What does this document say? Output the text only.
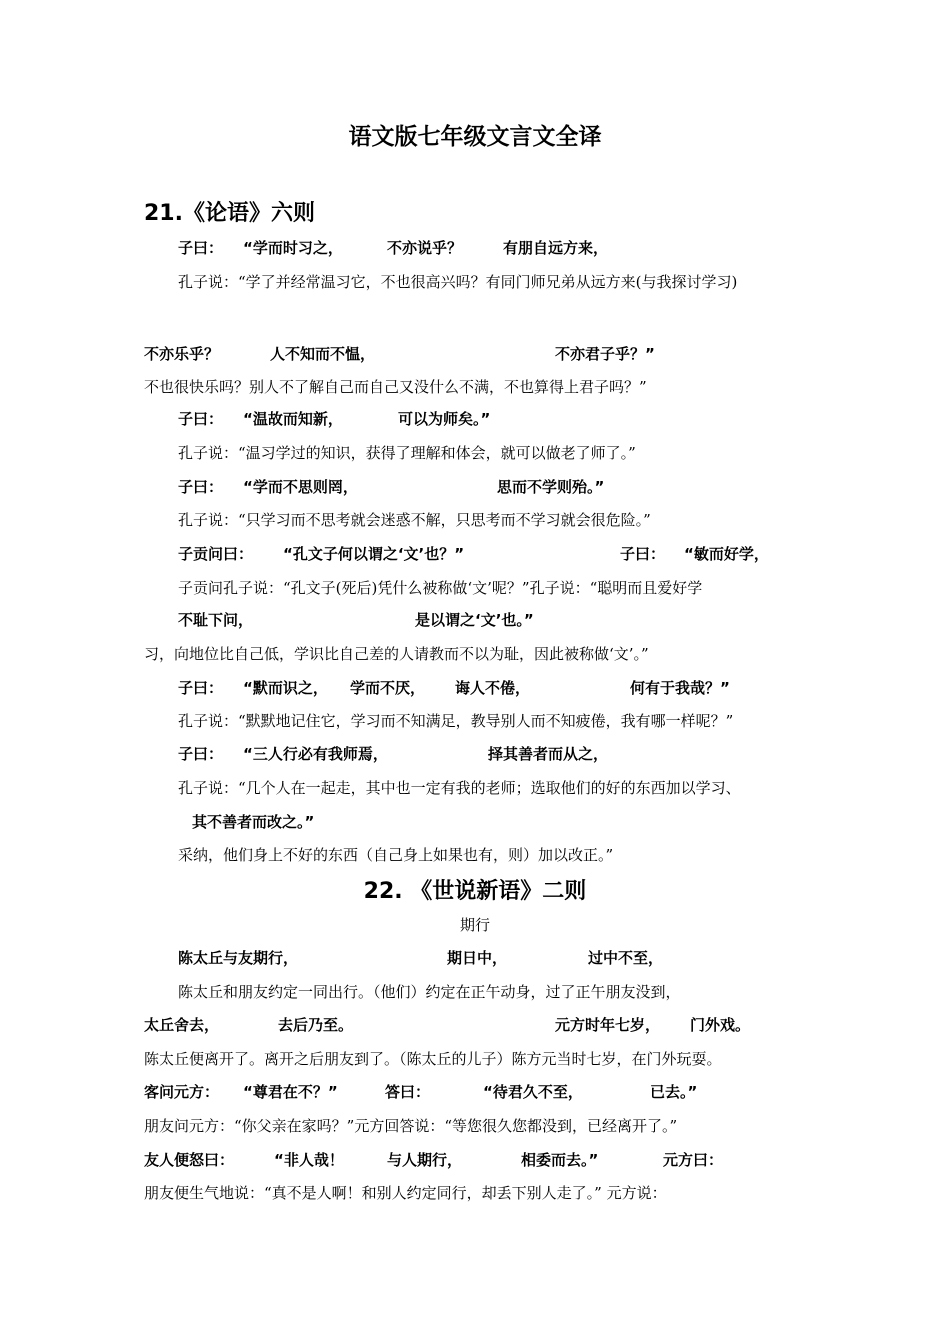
语文版七年级文言文全译
21.《论语》六则
子曰： “学而时习之，	不亦说乎？	有朋自远方来，
孔子说：“学了并经常温习它，不也很高兴吗？有同门师兄弟从远方来(与我探讨学习)
不亦乐乎？	人不知而不愠，	不亦君子乎？”
不也很快乐吗？别人不了解自己而自己又没什么不满，不也算得上君子吗？”
子曰： “温故而知新，	可以为师矣。”
孔子说：“温习学过的知识，获得了理解和体会，就可以做老了师了。”
子曰： “学而不思则罔，	思而不学则殆。”
孔子说：“只学习而不思考就会迷惑不解，只思考而不学习就会很危险。”
子贡问曰： “孔文子何以谓之‘文’也？”	子曰： “敏而好学，
子贡问孔子说：“孔文子(死后)凭什么被称做‘文’呢？”孔子说：“聪明而且爱好学
不耻下问，	是以谓之‘文’也。”
习，向地位比自己低，学识比自己差的人请教而不以为耻，因此被称做‘文’。”
子曰： “默而识之， 学而不厌， 诲人不倦，	何有于我哉？”
孔子说：“默默地记住它，学习而不知满足，教导别人而不知疲倦，我有哪一样呢？”
子曰： “三人行必有我师焉，	择其善者而从之，
孔子说：“几个人在一起走，其中也一定有我的老师；选取他们的好的东西加以学习、
其不善者而改之。”
采纳，他们身上不好的东西（自己身上如果也有，则）加以改正。”
22. 《世说新语》二则
期行
陈太丘与友期行，	期日中，	过中不至，
陈太丘和朋友约定一同出行。（他们）约定在正午动身，过了正午朋友没到，
太丘舍去，	去后乃至。	元方时年七岁， 门外戏。
陈太丘便离开了。离开之后朋友到了。（陈太丘的儿子）陈方元当时七岁，在门外玩耍。
客问元方： “尊君在不？”	答曰：	“待君久不至，	已去。”
朋友问元方：“你父亲在家吗？”元方回答说：“等您很久您都没到，已经离开了。”
友人便怒曰：	“非人哉！	与人期行，	相委而去。”	元方曰：
朋友便生气地说：“真不是人啊！和别人约定同行，却丢下别人走了。” 元方说：
